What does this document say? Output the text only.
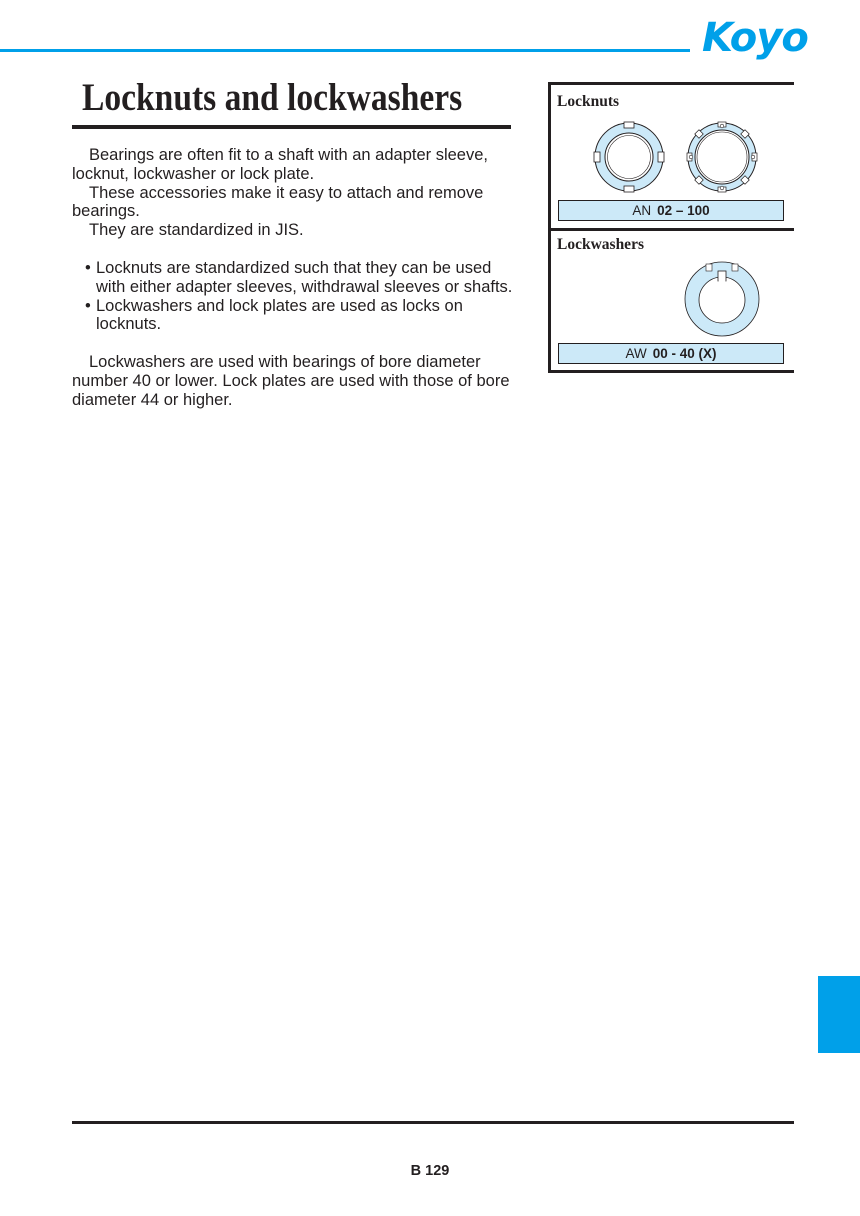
Koyo
Locknuts and lockwashers

Bearings are often fit to a shaft with an adapter sleeve, locknut, lockwasher or lock plate.

These accessories make it easy to attach and remove bearings.

They are standardized in JIS.

• Locknuts are standardized such that they can be used with either adapter sleeves, withdrawal sleeves or shafts.
• Lockwashers and lock plates are used as locks on locknuts.

Lockwashers are used with bearings of bore diameter number 40 or lower. Lock plates are used with those of bore diameter 44 or higher.

Locknuts
AN 02 – 100
Lockwashers
AW 00 - 40 (X)
B 129
